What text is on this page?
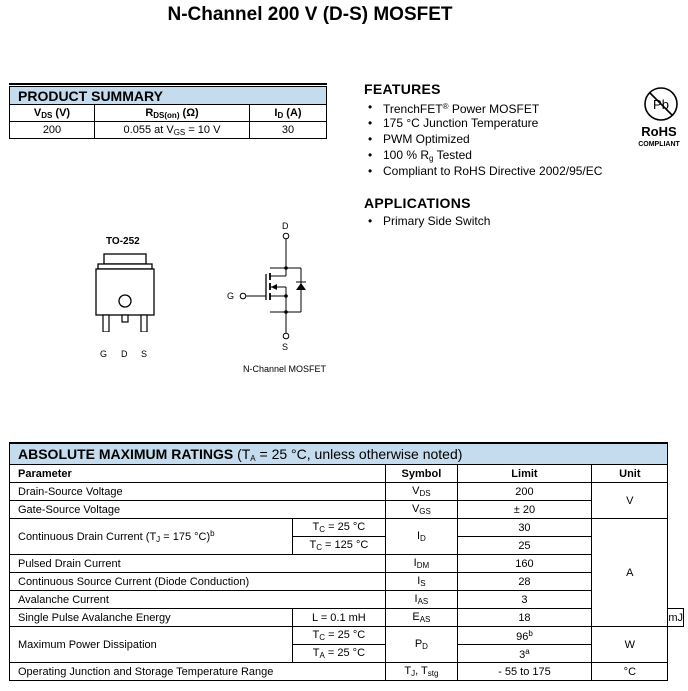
N-Channel 200 V (D-S) MOSFET
PRODUCT SUMMARY		
$V_{DS}$ (V)	$R_{DS(on)}$ (Ω)	$I_D$ (A)
200	0.055 at $V_{GS} = 10$ V	30
FEATURES
• TrenchFET® Power MOSFET
• 175 °C Junction Temperature
• PWM Optimized
• 100 % $R_g$ Tested
• Compliant to RoHS Directive 2002/95/EC
Pb
RoHS
COMPLIANT
APPLICATIONS
• Primary Side Switch
TO-252
G D S
D
G
S
N-Channel MOSFET
ABSOLUTE MAXIMUM RATINGS ($T_A = 25$ °C, unless otherwise noted)					
Parameter		Symbol	Limit	Unit	
Drain-Source Voltage		$V_{DS}$	200	V	
Gate-Source Voltage		$V_{GS}$	± 20		
Continuous Drain Current ($T_J = 175$ °C)$^b$	$T_C = 25$ °C	$I_D$	30	A	
	$T_C = 125$ °C		25		
Pulsed Drain Current		$I_{DM}$	160		
Continuous Source Current (Diode Conduction)		$I_S$	28		
Avalanche Current		$I_{AS}$	3		
Single Pulse Avalanche Energy	L = 0.1 mH	$E_{AS}$	18		mJ
Maximum Power Dissipation	$T_C = 25$ °C	$P_D$	96$^b$	W	
	$T_A = 25$ °C		3$^a$
Operating Junction and Storage Temperature Range		$T_J$, $T_{stg}$	- 55 to 175	°C	
